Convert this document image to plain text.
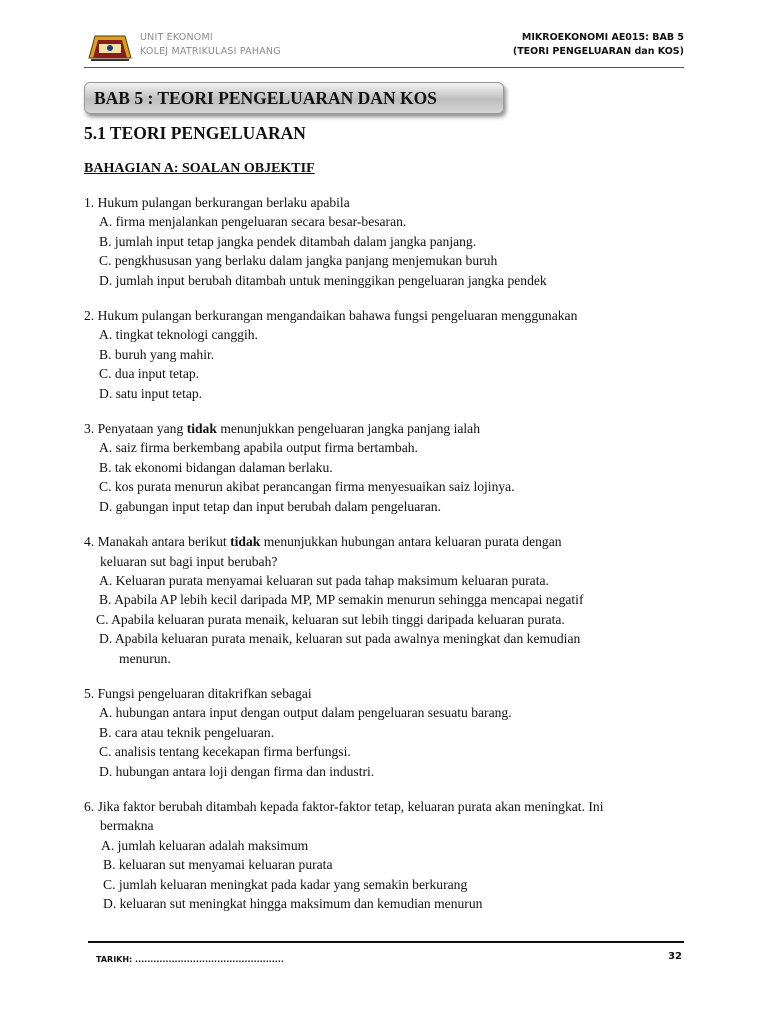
UNIT EKONOMI
KOLEJ MATRIKULASI PAHANG
MIKROEKONOMI AE015: BAB 5
(TEORI PENGELUARAN dan KOS)
BAB 5 : TEORI PENGELUARAN DAN KOS
5.1 TEORI PENGELUARAN
BAHAGIAN A: SOALAN OBJEKTIF
1. Hukum pulangan berkurangan berlaku apabila
A. firma menjalankan pengeluaran secara besar-besaran.
B. jumlah input tetap jangka pendek ditambah dalam jangka panjang.
C. pengkhususan yang berlaku dalam jangka panjang menjemukan buruh
D. jumlah input berubah ditambah untuk meninggikan pengeluaran jangka pendek
2. Hukum pulangan berkurangan mengandaikan bahawa fungsi pengeluaran menggunakan
A. tingkat teknologi canggih.
B. buruh yang mahir.
C. dua input tetap.
D. satu input tetap.
3. Penyataan yang tidak menunjukkan pengeluaran jangka panjang ialah
A. saiz firma berkembang apabila output firma bertambah.
B. tak ekonomi bidangan dalaman berlaku.
C. kos purata menurun akibat perancangan firma menyesuaikan saiz lojinya.
D. gabungan input tetap dan input berubah dalam pengeluaran.
4. Manakah antara berikut tidak menunjukkan hubungan antara keluaran purata dengan
keluaran sut bagi input berubah?
A. Keluaran purata menyamai keluaran sut pada tahap maksimum keluaran purata.
B. Apabila AP lebih kecil daripada MP, MP semakin menurun sehingga mencapai negatif
C. Apabila keluaran purata menaik, keluaran sut lebih tinggi daripada keluaran purata.
D. Apabila keluaran purata menaik, keluaran sut pada awalnya meningkat dan kemudian
menurun.
5. Fungsi pengeluaran ditakrifkan sebagai
A. hubungan antara input dengan output dalam pengeluaran sesuatu barang.
B. cara atau teknik pengeluaran.
C. analisis tentang kecekapan firma berfungsi.
D. hubungan antara loji dengan firma dan industri.
6. Jika faktor berubah ditambah kepada faktor-faktor tetap, keluaran purata akan meningkat. Ini
bermakna
A. jumlah keluaran adalah maksimum
B. keluaran sut menyamai keluaran purata
C. jumlah keluaran meningkat pada kadar yang semakin berkurang
D. keluaran sut meningkat hingga maksimum dan kemudian menurun
TARIKH: .................................................	32
